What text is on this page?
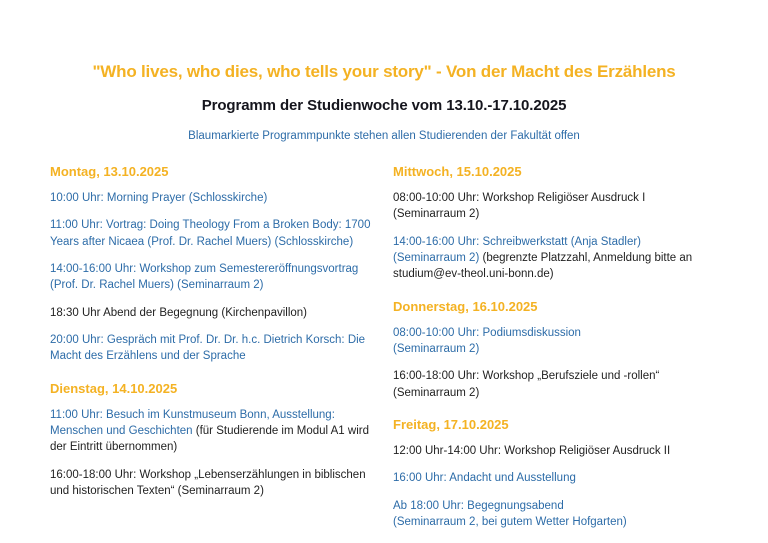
"Who lives, who dies, who tells your story" - Von der Macht des Erzählens
Programm der Studienwoche vom 13.10.-17.10.2025

Blaumarkierte Programmpunkte stehen allen Studierenden der Fakultät offen

Montag, 13.10.2025
10:00 Uhr: Morning Prayer (Schlosskirche)
11:00 Uhr: Vortrag: Doing Theology From a Broken Body: 1700 Years after Nicaea (Prof. Dr. Rachel Muers) (Schlosskirche)
14:00-16:00 Uhr: Workshop zum Semestereröffnungsvortrag (Prof. Dr. Rachel Muers) (Seminarraum 2)
18:30 Uhr Abend der Begegnung (Kirchenpavillon)
20:00 Uhr: Gespräch mit Prof. Dr. Dr. h.c. Dietrich Korsch: Die Macht des Erzählens und der Sprache
Dienstag, 14.10.2025
11:00 Uhr: Besuch im Kunstmuseum Bonn, Ausstellung: Menschen und Geschichten (für Studierende im Modul A1 wird der Eintritt übernommen)
16:00-18:00 Uhr: Workshop „Lebenserzählungen in biblischen und historischen Texten“ (Seminarraum 2)
Mittwoch, 15.10.2025
08:00-10:00 Uhr: Workshop Religiöser Ausdruck I
(Seminarraum 2)
14:00-16:00 Uhr: Schreibwerkstatt (Anja Stadler)
(Seminarraum 2) (begrenzte Platzzahl, Anmeldung bitte an studium@ev-theol.uni-bonn.de)
Donnerstag, 16.10.2025
08:00-10:00 Uhr: Podiumsdiskussion
(Seminarraum 2)
16:00-18:00 Uhr: Workshop „Berufsziele und -rollen“
(Seminarraum 2)
Freitag, 17.10.2025
12:00 Uhr-14:00 Uhr: Workshop Religiöser Ausdruck II
16:00 Uhr: Andacht und Ausstellung
Ab 18:00 Uhr: Begegnungsabend
(Seminarraum 2, bei gutem Wetter Hofgarten)
